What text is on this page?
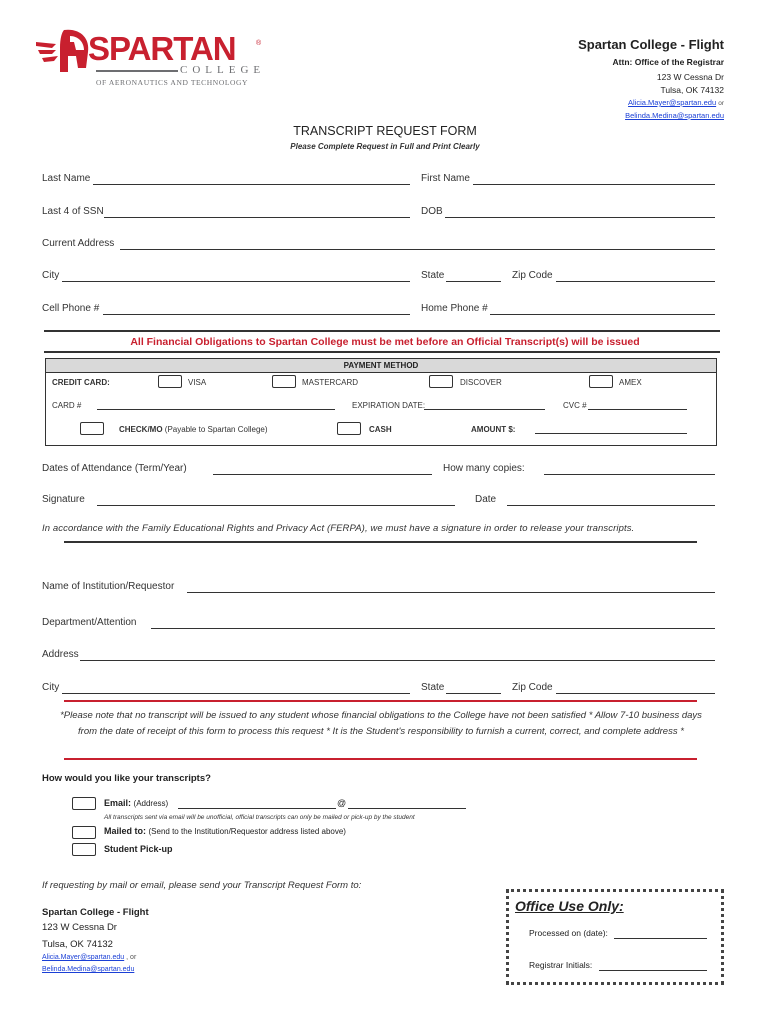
SPARTAN	®
COLLEGE
OF AERONAUTICS AND TECHNOLOGY
Spartan College - Flight
Attn: Office of the Registrar
123 W Cessna Dr
Tulsa, OK 74132
Alicia.Mayer@spartan.edu or
Belinda.Medina@spartan.edu
TRANSCRIPT REQUEST FORM
Please Complete Request in Full and Print Clearly
Last Name	First Name
Last 4 of SSN	DOB
Current Address
City	State	Zip Code
Cell Phone #	Home Phone #
All Financial Obligations to Spartan College must be met before an Official Transcript(s) will be issued
PAYMENT METHOD
CREDIT CARD:	VISA	MASTERCARD	DISCOVER	AMEX
CARD #	EXPIRATION DATE:	CVC #
CHECK/MO (Payable to Spartan College)	CASH	AMOUNT $:
Dates of Attendance (Term/Year)	How many copies:
Signature	Date
In accordance with the Family Educational Rights and Privacy Act (FERPA), we must have a signature in order to release your transcripts.
Name of Institution/Requestor
Department/Attention
Address
City	State	Zip Code
*Please note that no transcript will be issued to any student whose financial obligations to the College have not been satisfied * Allow 7-10 business days from the date of receipt of this form to process this request * It is the Student's responsibility to furnish a current, correct, and complete address *
How would you like your transcripts?
Email: (Address)	@
All transcripts sent via email will be unofficial, official transcripts can only be mailed or pick-up by the student
Mailed to: (Send to the Institution/Requestor address listed above)
Student Pick-up
If requesting by mail or email, please send your Transcript Request Form to:
Spartan College - Flight
123 W Cessna Dr
Tulsa, OK 74132
Alicia.Mayer@spartan.edu , or
Belinda.Medina@spartan.edu
Office Use Only:
Processed on (date):
Registrar Initials:
